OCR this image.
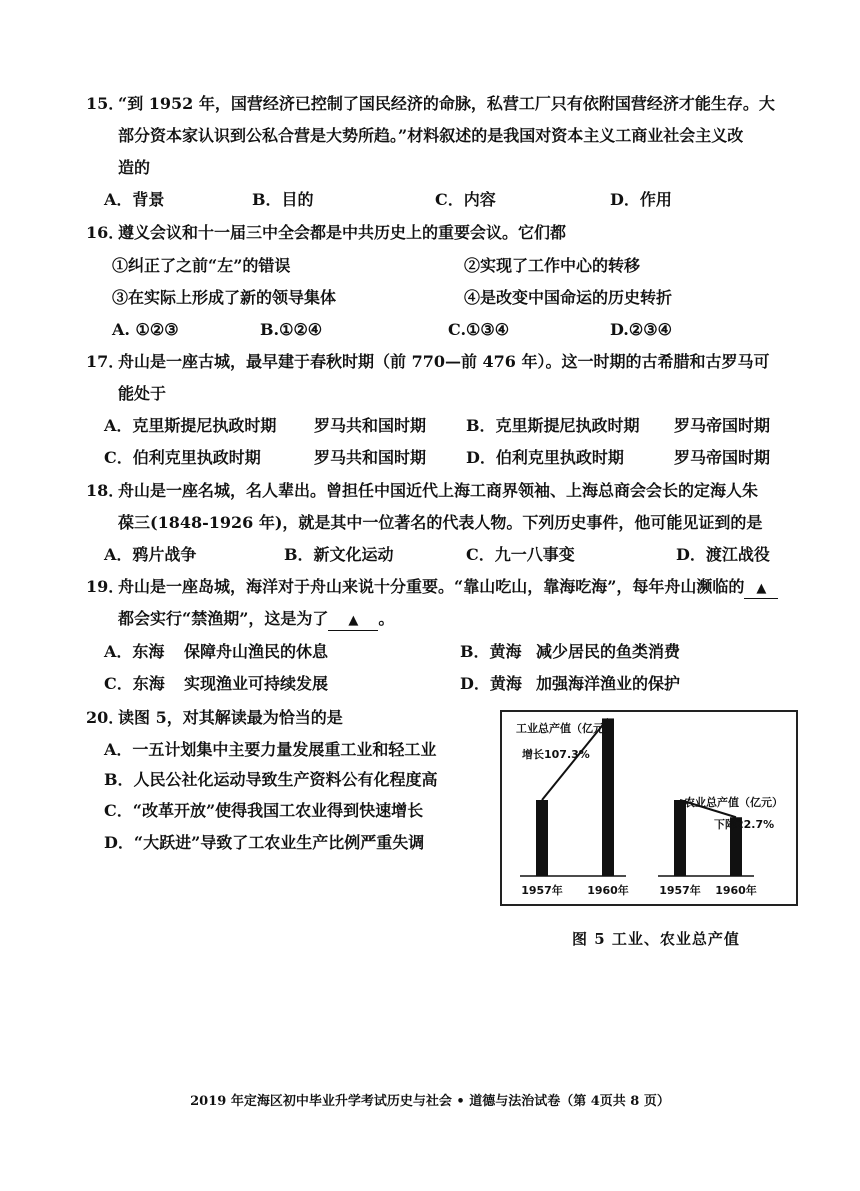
15．
“到 1952 年，国营经济已控制了国民经济的命脉，私营工厂只有依附国营经济才能生存。大
部分资本家认识到公私合营是大势所趋。”材料叙述的是我国对资本主义工商业社会主义改
造的
A．背景	B．目的	C．内容	D．作用
16．
遵义会议和十一届三中全会都是中共历史上的重要会议。它们都
①纠正了之前“左”的错误	②实现了工作中心的转移
③在实际上形成了新的领导集体	④是改变中国命运的历史转折
A. ①②③	B.①②④	C.①③④	D.②③④
17．
舟山是一座古城，最早建于春秋时期（前 770—前 476 年）。这一时期的古希腊和古罗马可
能处于
A．克里斯提尼执政时期 罗马共和国时期 B．克里斯提尼执政时期 罗马帝国时期
C．伯利克里执政时期	罗马共和国时期 D．伯利克里执政时期	罗马帝国时期
18．
舟山是一座名城，名人辈出。曾担任中国近代上海工商界领袖、上海总商会会长的定海人朱
葆三(1848-1926 年)，就是其中一位著名的代表人物。下列历史事件，他可能见证到的是
A．鸦片战争	B．新文化运动	C．九一八事变	D．渡江战役
19．
舟山是一座岛城，海洋对于舟山来说十分重要。“靠山吃山，靠海吃海”，每年舟山濒临的 ▲
都会实行“禁渔期”，这是为了 ▲ 。
A．东海 保障舟山渔民的休息	B．黄海 减少居民的鱼类消费
C．东海 实现渔业可持续发展	D．黄海 加强海洋渔业的保护
20．
读图 5，对其解读最为恰当的是
A．一五计划集中主要力量发展重工业和轻工业
B．人民公社化运动导致生产资料公有化程度高
C．“改革开放”使得我国工农业得到快速增长
D．“大跃进”导致了工农业生产比例严重失调
1957年 1960年
工业总产值（亿元）
增长107.3%
1957年 1960年
农业总产值（亿元）
下降22.7%
图 5 工业、农业总产值
2019 年定海区初中毕业升学考试历史与社会 • 道德与法治试卷（第 4页共 8 页）
